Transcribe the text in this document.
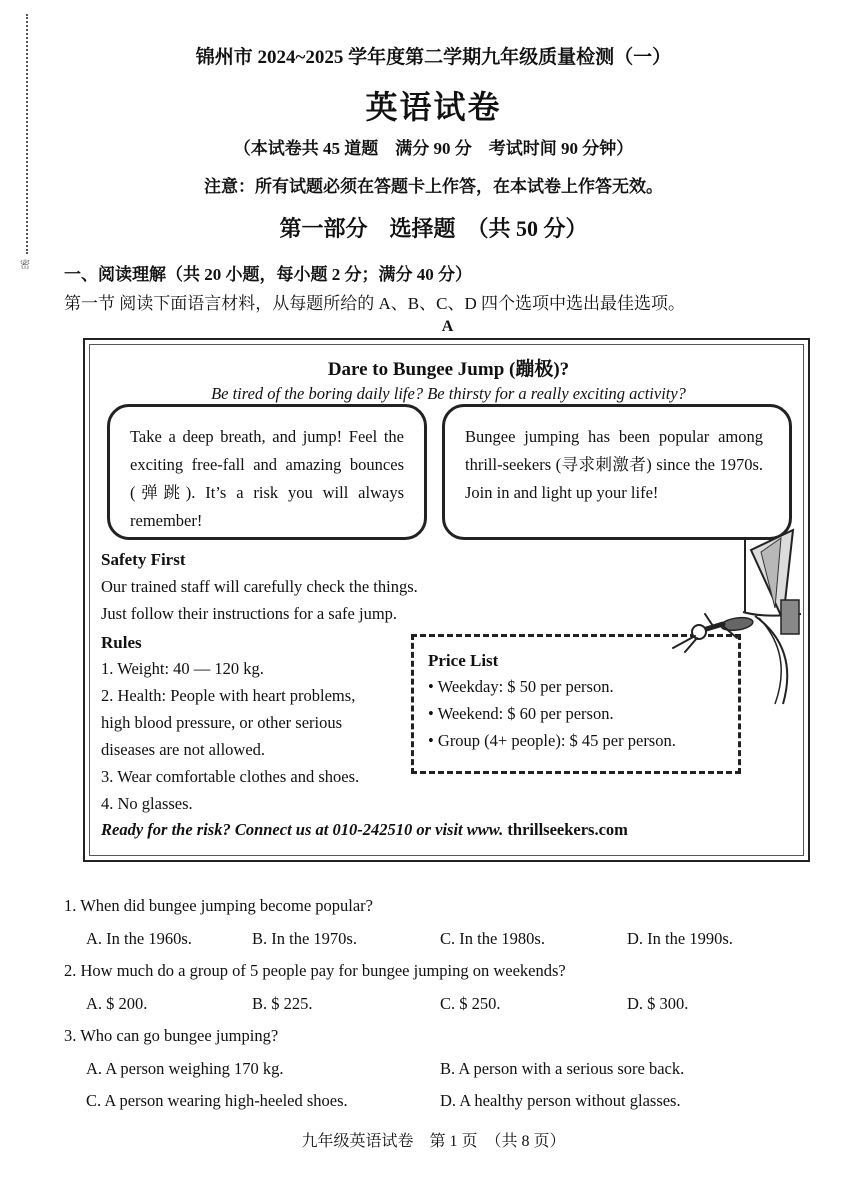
密
锦州市 2024~2025 学年度第二学期九年级质量检测（一）
英语试卷
（本试卷共 45 道题　满分 90 分　考试时间 90 分钟）
注意：所有试题必须在答题卡上作答，在本试卷上作答无效。
第一部分　选择题　（共 50 分）
一、阅读理解（共 20 小题，每小题 2 分；满分 40 分）
第一节 阅读下面语言材料，从每题所给的 A、B、C、D 四个选项中选出最佳选项。
A
Dare to Bungee Jump (蹦极)?
Be tired of the boring daily life? Be thirsty for a really exciting activity?
Take a deep breath, and jump! Feel the exciting free-fall and amazing bounces (弹跳). It’s a risk you will always remember!
Bungee jumping has been popular among thrill-seekers (寻求刺激者) since the 1970s. Join in and light up your life!
Safety First
Our trained staff will carefully check the things.
Just follow their instructions for a safe jump.
Rules
1. Weight: 40 — 120 kg.
2. Health: People with heart problems,
high blood pressure, or other serious
diseases are not allowed.
3. Wear comfortable clothes and shoes.
4. No glasses.
Price List
• Weekday: $ 50 per person.
• Weekend: $ 60 per person.
• Group (4+ people): $ 45 per person.
Ready for the risk? Connect us at 010-242510 or visit www. thrillseekers.com
1. When did bungee jumping become popular?
A. In the 1960s.	B. In the 1970s.	C. In the 1980s.	D. In the 1990s.
2. How much do a group of 5 people pay for bungee jumping on weekends?
A. $ 200.	B. $ 225.	C. $ 250.	D. $ 300.
3. Who can go bungee jumping?
A. A person weighing 170 kg.	B. A person with a serious sore back.
C. A person wearing high-heeled shoes.	D. A healthy person without glasses.
九年级英语试卷　第 1 页　（共 8 页）
